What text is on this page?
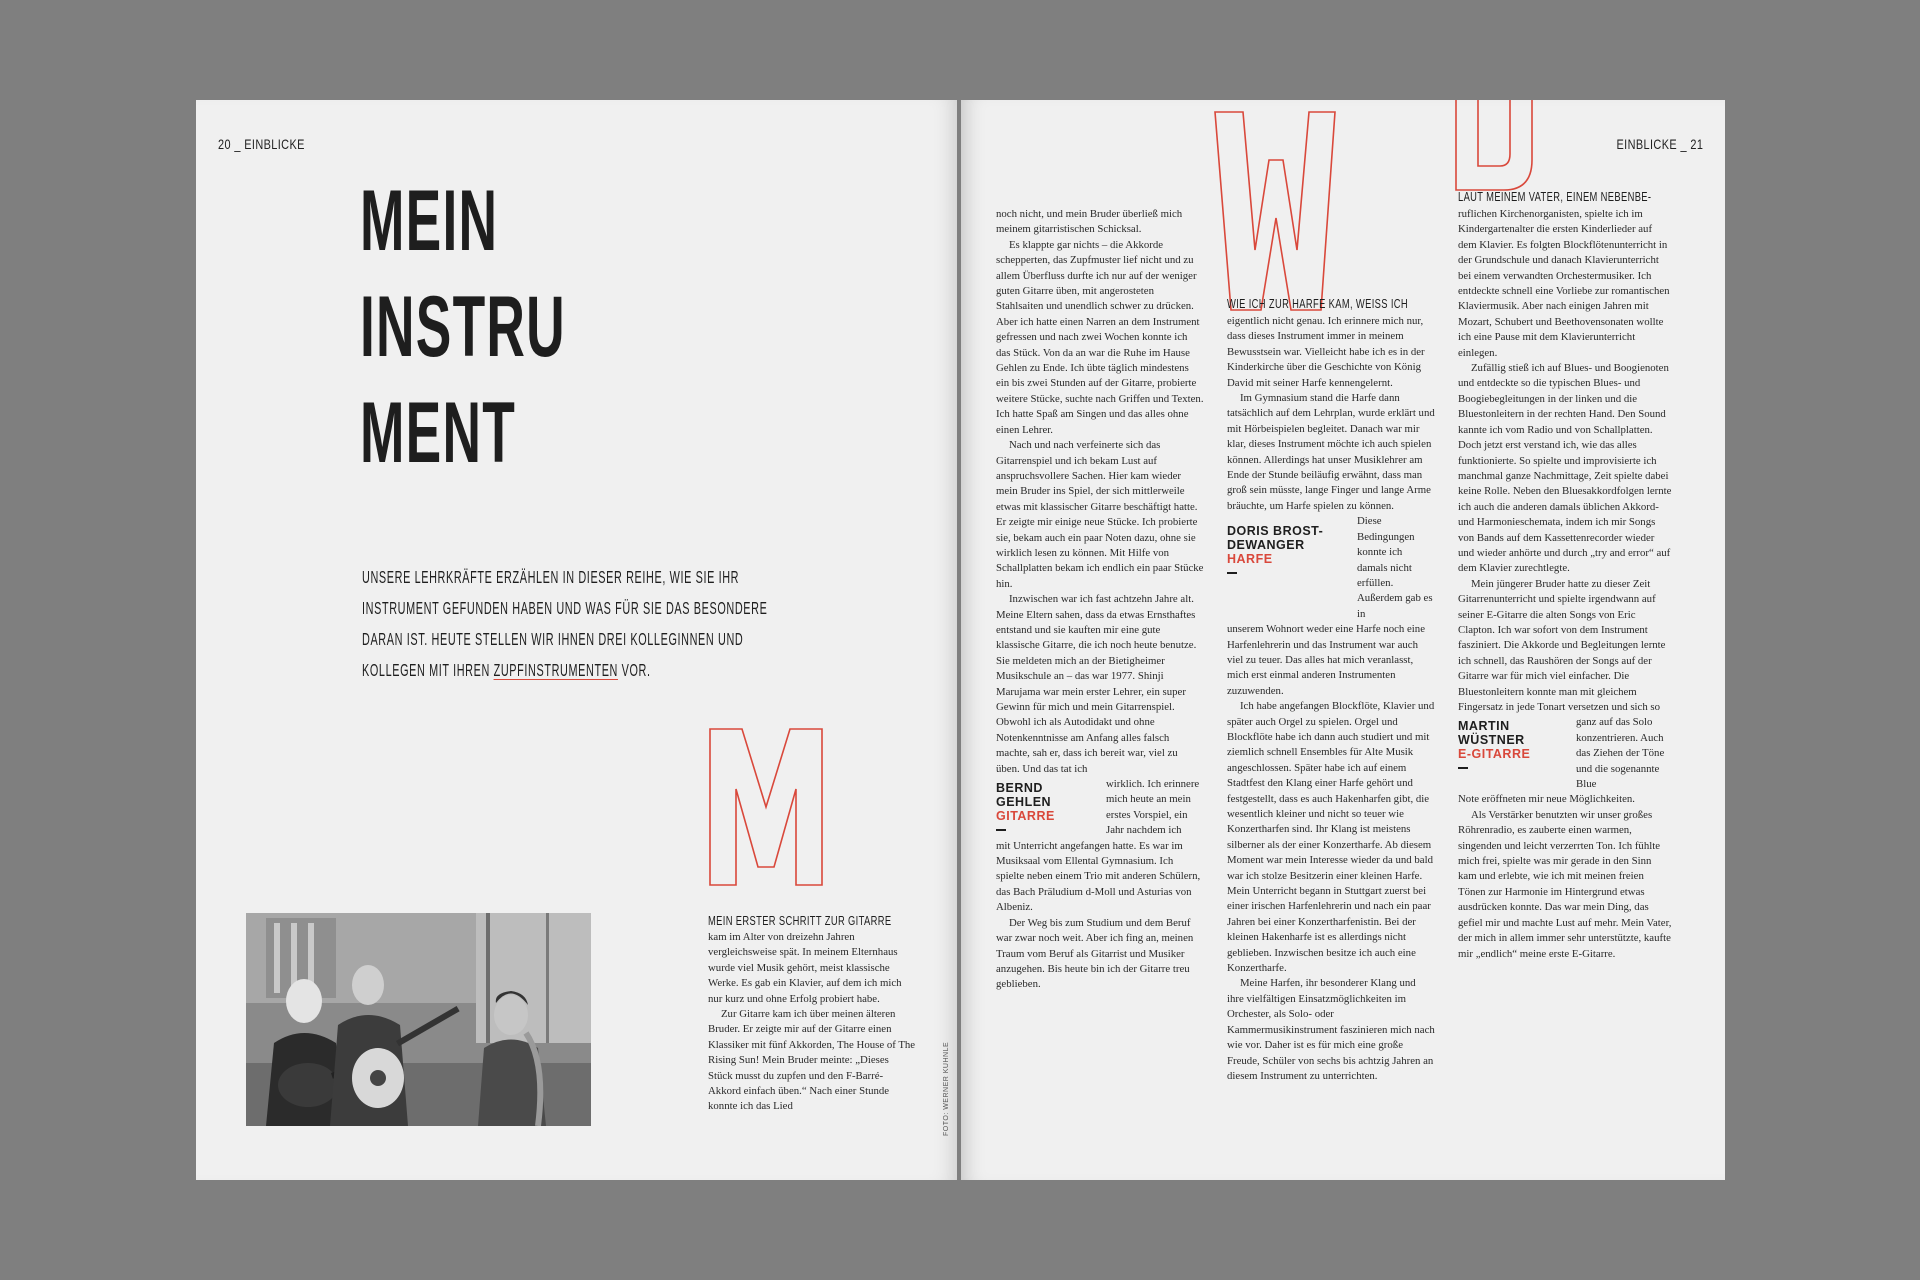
20 _ EINBLICKE
MEIN
INSTRU
MENT

UNSERE LEHRKRÄFTE ERZÄHLEN IN DIESER REIHE, WIE SIE IHR INSTRUMENT GEFUNDEN HABEN UND WAS FÜR SIE DAS BESONDERE DARAN IST. HEUTE STELLEN WIR IHNEN DREI KOLLEGINNEN UND KOLLEGEN MIT IHREN ZUPFINSTRUMENTEN VOR.

FOTO: WERNER KUHNLE
MEIN ERSTER SCHRITT ZUR GITARRE

kam im Alter von dreizehn Jahren vergleichsweise spät. In meinem Elternhaus wurde viel Musik gehört, meist klassische Werke. Es gab ein Klavier, auf dem ich mich nur kurz und ohne Erfolg probiert habe.

Zur Gitarre kam ich über meinen älteren Bruder. Er zeigte mir auf der Gitarre einen Klassiker mit fünf Akkorden, The House of The Rising Sun! Mein Bruder meinte: „Dieses Stück musst du zupfen und den F-Barré-Akkord einfach üben.“ Nach einer Stunde konnte ich das Lied

EINBLICKE _ 21

noch nicht, und mein Bruder überließ mich meinem gitarristischen Schicksal.

Es klappte gar nichts – die Akkorde schepperten, das Zupfmuster lief nicht und zu allem Überfluss durfte ich nur auf der weniger guten Gitarre üben, mit angerosteten Stahlsaiten und unendlich schwer zu drücken. Aber ich hatte einen Narren an dem Instrument gefressen und nach zwei Wochen konnte ich das Stück. Von da an war die Ruhe im Hause Gehlen zu Ende. Ich übte täglich mindestens ein bis zwei Stunden auf der Gitarre, probierte weitere Stücke, suchte nach Griffen und Texten. Ich hatte Spaß am Singen und das alles ohne einen Lehrer.

Nach und nach verfeinerte sich das Gitarrenspiel und ich bekam Lust auf anspruchsvollere Sachen. Hier kam wieder mein Bruder ins Spiel, der sich mittlerweile etwas mit klassischer Gitarre beschäftigt hatte. Er zeigte mir einige neue Stücke. Ich probierte sie, bekam auch ein paar Noten dazu, ohne sie wirklich lesen zu können. Mit Hilfe von Schallplatten bekam ich endlich ein paar Stücke hin.

Inzwischen war ich fast achtzehn Jahre alt. Meine Eltern sahen, dass da etwas Ernsthaftes entstand und sie kauften mir eine gute klassische Gitarre, die ich noch heute benutze. Sie meldeten mich an der Bietigheimer Musikschule an – das war 1977. Shinji Marujama war mein erster Lehrer, ein super Gewinn für mich und mein Gitarrenspiel. Obwohl ich als Autodidakt und ohne Notenkenntnisse am Anfang alles falsch machte, sah er, dass ich bereit war, viel zu üben. Und das tat ich

BERND
GEHLEN
GITARRE

wirklich. Ich erinnere mich heute an mein erstes Vorspiel, ein Jahr nachdem ich

mit Unterricht angefangen hatte. Es war im Musiksaal vom Ellental Gymnasium. Ich spielte neben einem Trio mit anderen Schülern, das Bach Präludium d-Moll und Asturias von Albeniz.

Der Weg bis zum Studium und dem Beruf war zwar noch weit. Aber ich fing an, meinen Traum vom Beruf als Gitarrist und Musiker anzugehen. Bis heute bin ich der Gitarre treu geblieben.

WIE ICH ZUR HARFE KAM, WEISS ICH

eigentlich nicht genau. Ich erinnere mich nur, dass dieses Instrument immer in meinem Bewusstsein war. Vielleicht habe ich es in der Kinderkirche über die Geschichte von König David mit seiner Harfe kennengelernt.

Im Gymnasium stand die Harfe dann tatsächlich auf dem Lehrplan, wurde erklärt und mit Hörbeispielen begleitet. Danach war mir klar, dieses Instrument möchte ich auch spielen können. Allerdings hat unser Musiklehrer am Ende der Stunde beiläufig erwähnt, dass man groß sein müsste, lange Finger und lange Arme bräuchte, um Harfe spielen zu können.

DORIS BROST-
DEWANGER
HARFE

Diese Bedingungen konnte ich damals nicht erfüllen. Außerdem gab es in

unserem Wohnort weder eine Harfe noch eine Harfenlehrerin und das Instrument war auch viel zu teuer. Das alles hat mich veranlasst, mich erst einmal anderen Instrumenten zuzuwenden.

Ich habe angefangen Blockflöte, Klavier und später auch Orgel zu spielen. Orgel und Blockflöte habe ich dann auch studiert und mit ziemlich schnell Ensembles für Alte Musik angeschlossen. Später habe ich auf einem Stadtfest den Klang einer Harfe gehört und festgestellt, dass es auch Hakenharfen gibt, die wesentlich kleiner und nicht so teuer wie Konzertharfen sind. Ihr Klang ist meistens silberner als der einer Konzertharfe. Ab diesem Moment war mein Interesse wieder da und bald war ich stolze Besitzerin einer kleinen Harfe. Mein Unterricht begann in Stuttgart zuerst bei einer irischen Harfenlehrerin und nach ein paar Jahren bei einer Konzertharfenistin. Bei der kleinen Hakenharfe ist es allerdings nicht geblieben. Inzwischen besitze ich auch eine Konzertharfe.

Meine Harfen, ihr besonderer Klang und ihre vielfältigen Einsatzmöglichkeiten im Orchester, als Solo- oder Kammermusikinstrument faszinieren mich nach wie vor. Daher ist es für mich eine große Freude, Schüler von sechs bis achtzig Jahren an diesem Instrument zu unterrichten.

LAUT MEINEM VATER, EINEM NEBENBE-

ruflichen Kirchenorganisten, spielte ich im Kindergartenalter die ersten Kinderlieder auf dem Klavier. Es folgten Blockflötenunterricht in der Grundschule und danach Klavierunterricht bei einem verwandten Orchestermusiker. Ich entdeckte schnell eine Vorliebe zur romantischen Klaviermusik. Aber nach einigen Jahren mit Mozart, Schubert und Beethovensonaten wollte ich eine Pause mit dem Klavierunterricht einlegen.

Zufällig stieß ich auf Blues- und Boogienoten und entdeckte so die typischen Blues- und Boogiebegleitungen in der linken und die Bluestonleitern in der rechten Hand. Den Sound kannte ich vom Radio und von Schallplatten. Doch jetzt erst verstand ich, wie das alles funktionierte. So spielte und improvisierte ich manchmal ganze Nachmittage, Zeit spielte dabei keine Rolle. Neben den Bluesakkordfolgen lernte ich auch die anderen damals üblichen Akkord- und Harmonieschemata, indem ich mir Songs von Bands auf dem Kassettenrecorder wieder und wieder anhörte und durch „try and error“ auf dem Klavier zurechtlegte.

Mein jüngerer Bruder hatte zu dieser Zeit Gitarrenunterricht und spielte irgendwann auf seiner E-Gitarre die alten Songs von Eric Clapton. Ich war sofort von dem Instrument fasziniert. Die Akkorde und Begleitungen lernte ich schnell, das Raushören der Songs auf der Gitarre war für mich viel einfacher. Die Bluestonleitern konnte man mit gleichem Fingersatz in jede Tonart versetzen und sich so

MARTIN
WÜSTNER
E-GITARRE

ganz auf das Solo konzentrieren. Auch das Ziehen der Töne und die sogenannte Blue

Note eröffneten mir neue Möglichkeiten.

Als Verstärker benutzten wir unser großes Röhrenradio, es zauberte einen warmen, singenden und leicht verzerrten Ton. Ich fühlte mich frei, spielte was mir gerade in den Sinn kam und erlebte, wie ich mit meinen freien Tönen zur Harmonie im Hintergrund etwas ausdrücken konnte. Das war mein Ding, das gefiel mir und machte Lust auf mehr. Mein Vater, der mich in allem immer sehr unterstützte, kaufte mir „endlich“ meine erste E-Gitarre.
